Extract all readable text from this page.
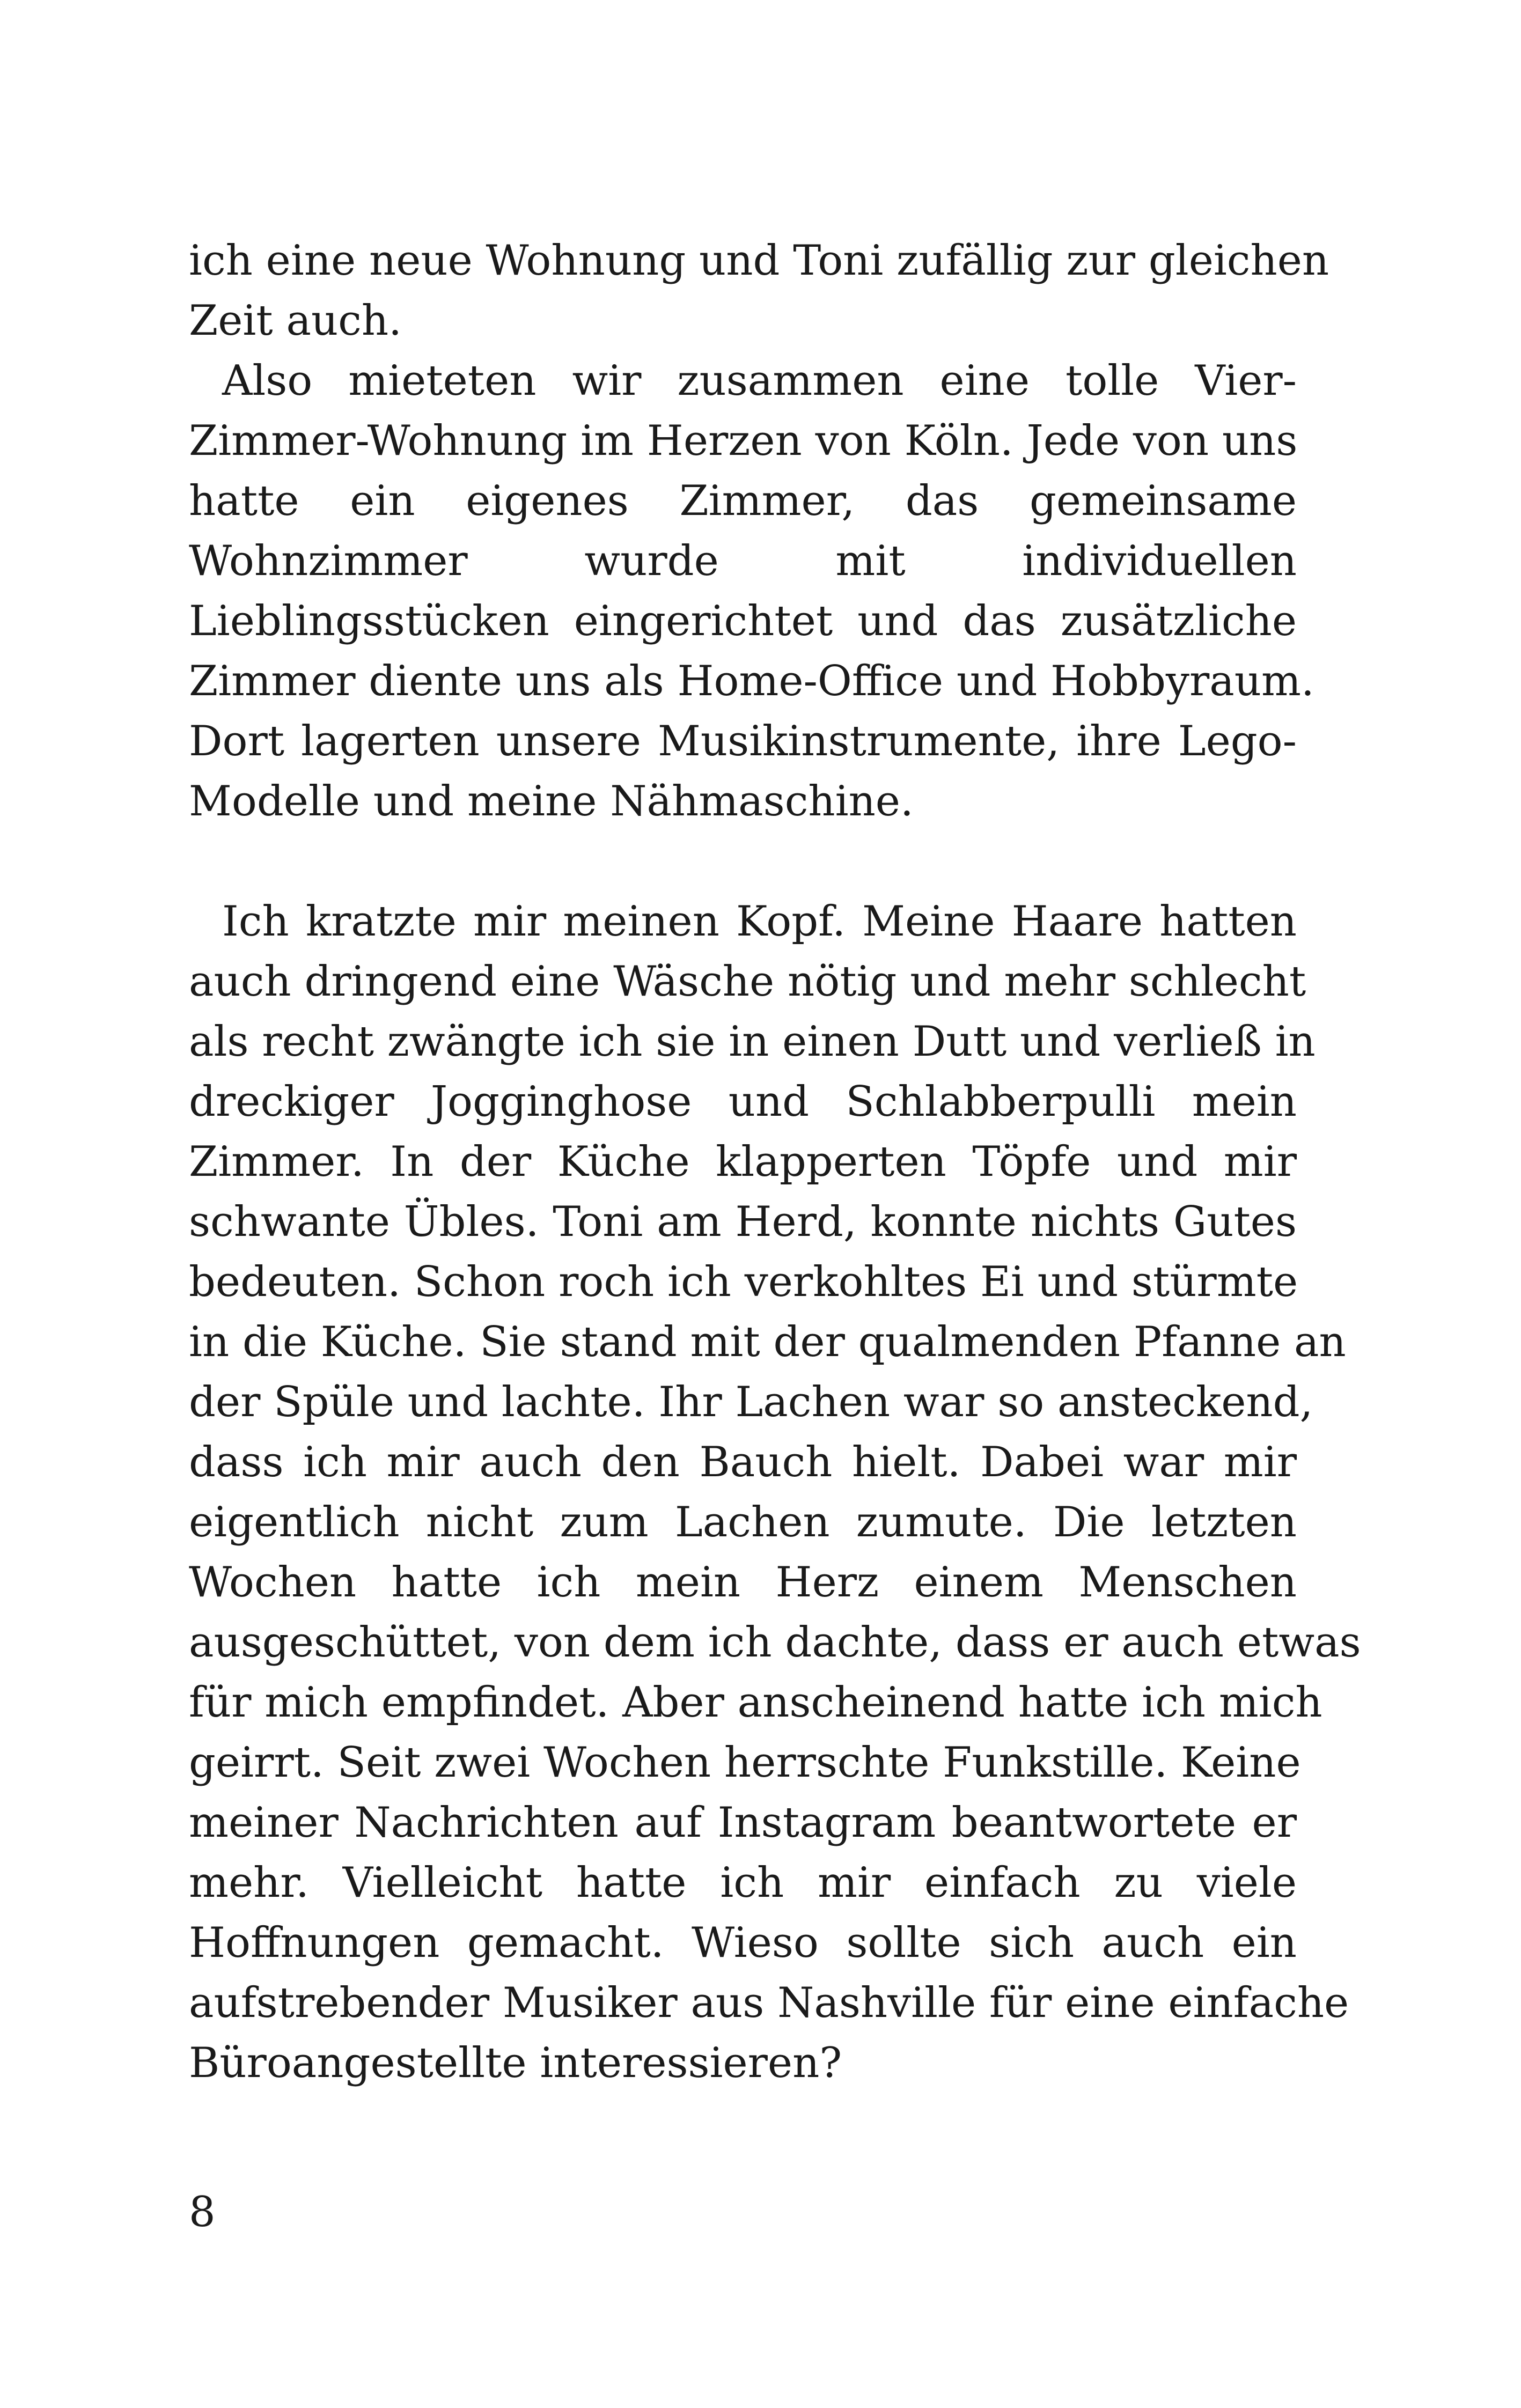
ich eine neue Wohnung und Toni zufällig zur gleichen
Zeit auch.
Also mieteten wir zusammen eine tolle Vier-
Zimmer-Wohnung im Herzen von Köln. Jede von uns
hatte ein eigenes Zimmer, das gemeinsame
Wohnzimmer wurde mit individuellen
Lieblingsstücken eingerichtet und das zusätzliche
Zimmer diente uns als Home-Office und Hobbyraum.
Dort lagerten unsere Musikinstrumente, ihre Lego-
Modelle und meine Nähmaschine.
Ich kratzte mir meinen Kopf. Meine Haare hatten
auch dringend eine Wäsche nötig und mehr schlecht
als recht zwängte ich sie in einen Dutt und verließ in
dreckiger Jogginghose und Schlabberpulli mein
Zimmer. In der Küche klapperten Töpfe und mir
schwante Übles. Toni am Herd, konnte nichts Gutes
bedeuten. Schon roch ich verkohltes Ei und stürmte
in die Küche. Sie stand mit der qualmenden Pfanne an
der Spüle und lachte. Ihr Lachen war so ansteckend,
dass ich mir auch den Bauch hielt. Dabei war mir
eigentlich nicht zum Lachen zumute. Die letzten
Wochen hatte ich mein Herz einem Menschen
ausgeschüttet, von dem ich dachte, dass er auch etwas
für mich empfindet. Aber anscheinend hatte ich mich
geirrt. Seit zwei Wochen herrschte Funkstille. Keine
meiner Nachrichten auf Instagram beantwortete er
mehr. Vielleicht hatte ich mir einfach zu viele
Hoffnungen gemacht. Wieso sollte sich auch ein
aufstrebender Musiker aus Nashville für eine einfache
Büroangestellte interessieren?
8
